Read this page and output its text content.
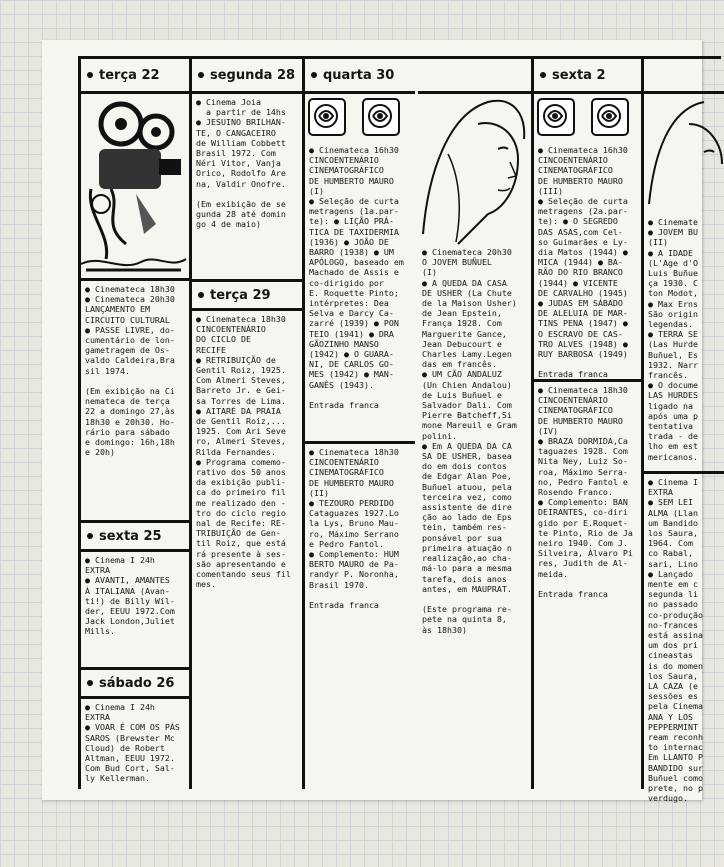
terça 22
● Cinemateca 18h30
● Cinemateca 20h30
LANÇAMENTO EM
CIRCUITO CULTURAL
● PASSE LIVRE, do-
cumentário de lon-
gametragem de Os-
valdo Caldeira,Bra
sil 1974.

(Em exibição na Ci
nemateca de terça
22 a domingo 27,às
18h30 e 20h30. Ho-
rário para sábado
e domingo: 16h,18h
e 20h)
sexta 25
● Cinema I 24h
EXTRA
● AVANTI, AMANTES
À ITALIANA (Avan-
ti!) de Billy Wil-
der, EEUU 1972.Com
Jack London,Juliet
Mills.
sábado 26
● Cinema I 24h
EXTRA
● VOAR É COM OS PÁS
SAROS (Brewster Mc
Cloud) de Robert
Altman, EEUU 1972.
Com Bud Cort, Sal-
ly Kellerman.
segunda 28
● Cinema Joia
a partir de 14hs
● JESUINO BRILHAN-
TE, O CANGACEIRO
de William Cobbett
Brasil 1972. Com
Néri Vitor, Vanja
Orico, Rodolfo Are
na, Valdir Onofre.

(Em exibição de se
gunda 28 até domin
go 4 de maio)
terça 29
● Cinemateca 18h30
CINCOENTENÁRIO
DO CICLO DE
RECIFE
● RETRIBUIÇÃO de
Gentil Roiz, 1925.
Com Almeri Steves,
Barreto Jr. e Gei-
sa Torres de Lima.
● AITARÉ DA PRAIA
de Gentil Roiz,...
1925. Com Ari Seve
ro, Almeri Steves,
Rilda Fernandes.
● Programa comemo-
rativo dos 50 anos
da exibição publi-
ca do primeiro fil
me realizado den -
tro do ciclo regio
nal de Recife: RE-
TRIBUIÇÃO de Gen-
til Roiz, que está
rá presente à ses-
são apresentando e
comentando seus fil
mes.
quarta 30

● Cinemateca 16h30
CINCOENTENÁRIO
CINEMATOGRÁFICO
DE HUMBERTO MAURO
(I)
● Seleção de curta
metragens (1a.par-
te): ● LIÇÃO PRÁ-
TICA DE TAXIDERMIA
(1936) ● JOÃO DE
BARRO (1938) ● UM
APÓLOGO, baseado em
Machado de Assis e
co-dirigido por
E. Roquette Pinto;
intérpretes: Dea
Selva e Darcy Ca-
zarré (1939) ● PON
TEIO (1941) ● DRA
GÃOZINHO MANSO
(1942) ● O GUARA-
NI, DE CARLOS GO-
MES (1942) ● MAN-
GANÊS (1943).

Entrada franca
● Cinemateca 18h30
CINCOENTENÁRIO
CINEMATOGRÁFICO
DE HUMBERTO MAURO
(II)
● TEZOURO PERDIDO
Cataguazes 1927.Lo
la Lys, Bruno Mau-
ro, Máximo Serrano
e Pedro Fantol.
● Complemento: HUM
BERTO MAURO de Pa-
randyr P. Noronha,
Brasil 1970.

Entrada franca
● Cinemateca 20h30
O JOVEM BUÑUEL
(I)
● A QUEDA DA CASA
DE USHER (La Chute
de la Maison Usher)
de Jean Epstein,
França 1928. Com
Marguerite Gance,
Jean Debucourt e
Charles Lamy.Legen
das em francês.
● UM CÃO ANDALUZ
(Un Chien Andalou)
de Luis Buñuel e
Salvador Dali. Com
Pierre Batcheff,Si
mone Mareuil e Gram
polini.
● Em A QUEDA DA CA
SA DE USHER, basea
do em dois contos
de Edgar Alan Poe,
Buñuel atuou, pela
terceira vez, como
assistente de dire
ção ao lado de Eps
tein, também res-
ponsável por sua
primeira atuação n
realização,ao cha-
má-lo para a mesma
tarefa, dois anos
antes, em MAUPRAT.

(Este programa re-
pete na quinta 8,
às 18h30)
sexta 2

● Cinemateca 16h30
CINCOENTENÁRIO
CINEMATOGRÁFICO
DE HUMBERTO MAURO
(III)
● Seleção de curta
metragens (2a.par-
te): ● O SEGREDO
DAS ASAS,com Cel-
so Guimarães e Ly-
dia Matos (1944) ●
MICA (1944) ● BA-
RÃO DO RIO BRANCO
(1944) ● VICENTE
DE CARVALHO (1945)
● JUDAS EM SÁBADO
DE ALELUIA DE MAR-
TINS PENA (1947) ●
O ESCRAVO DE CAS-
TRO ALVES (1948) ●
RUY BARBOSA (1949)

Entrada franca
● Cinemateca 18h30
CINCOENTENÁRIO
CINEMATOGRÁFICO
DE HUMBERTO MAURO
(IV)
● BRAZA DORMIDA,Ca
taguazes 1928. Com
Nita Ney, Luiz So-
roa, Máximo Serra-
no, Pedro Fantol e
Rosendo Franco.
● Complemento: BAN
DEIRANTES, co-diri
gido por E.Roquet-
te Pinto, Rio de Ja
neiro 1940. Com J.
Silveira, Álvaro Pi
res, Judith de Al-
meida.

Entrada franca
● Cinemate
● JOVEM BU
(II)
● A IDADE
(L'Age d'O
Luis Buñue
ça 1930. C
ton Modot,
● Max Erns
São origin
legendas.
● TERRA SE
(Las Hurde
Buñuel, Es
1932. Narr
francês.
● O docume
LAS HURDES
ligado na
após uma p
tentativa
trada - de
lho em est
mericanos.
● Cinema I
EXTRA
● SEM LEI
ALMA (Llan
um Bandido
los Saura,
1964. Com
co Rabal,
sari, Lino
● Lançado
mente em c
segunda li
no passado
co-produção
no-frances
está assina
um dos pri
cineastas
is do momen
los Saura,
LA CAZA (e
sessões es
pela Cinema
ANA Y LOS
PEPPERMINT
ream reconh
to internac
Em LLANTO P
BANDIDO sur
Buñuel como
prete, no p
verdugo.
